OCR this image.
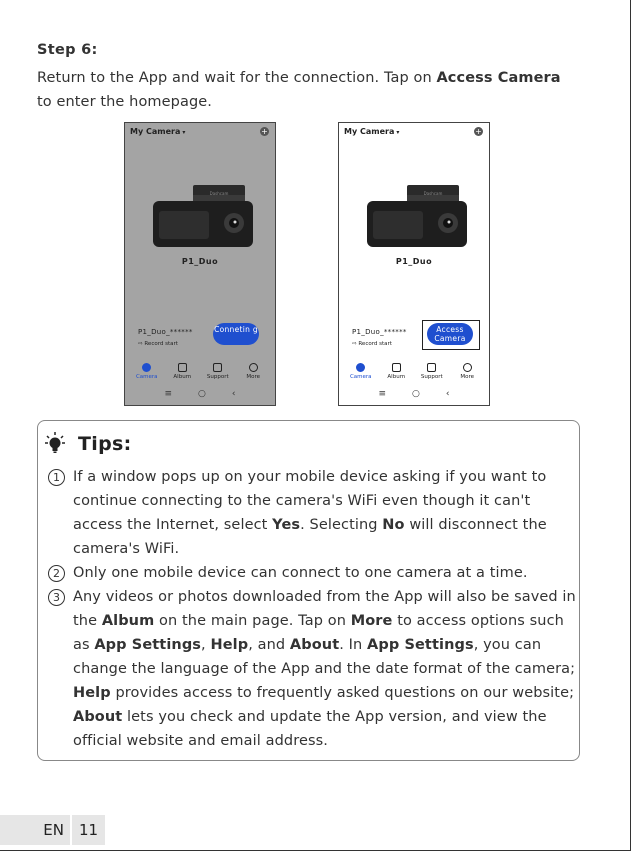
Step 6:
Return to the App and wait for the connection. Tap on Access Camera
to enter the homepage.
My Camera ▾	+
Dashcam
P1_Duo
P1_Duo_******
⇨ Record start
Connetin g
Camera	Album	Support	More
≡	○	‹
My Camera ▾	+
Dashcam
P1_Duo
P1_Duo_******
⇨ Record start
Access Camera
Camera	Album	Support	More
≡	○	‹
Tips:
1 If a window pops up on your mobile device asking if you want to continue connecting to the camera's WiFi even though it can't access the Internet, select Yes. Selecting No will disconnect the camera's WiFi.
2 Only one mobile device can connect to one camera at a time.
3 Any videos or photos downloaded from the App will also be saved in the Album on the main page. Tap on More to access options such as App Settings, Help, and About. In App Settings, you can change the language of the App and the date format of the camera; Help provides access to frequently asked questions on our website; About lets you check and update the App version, and view the official website and email address.
EN 11
